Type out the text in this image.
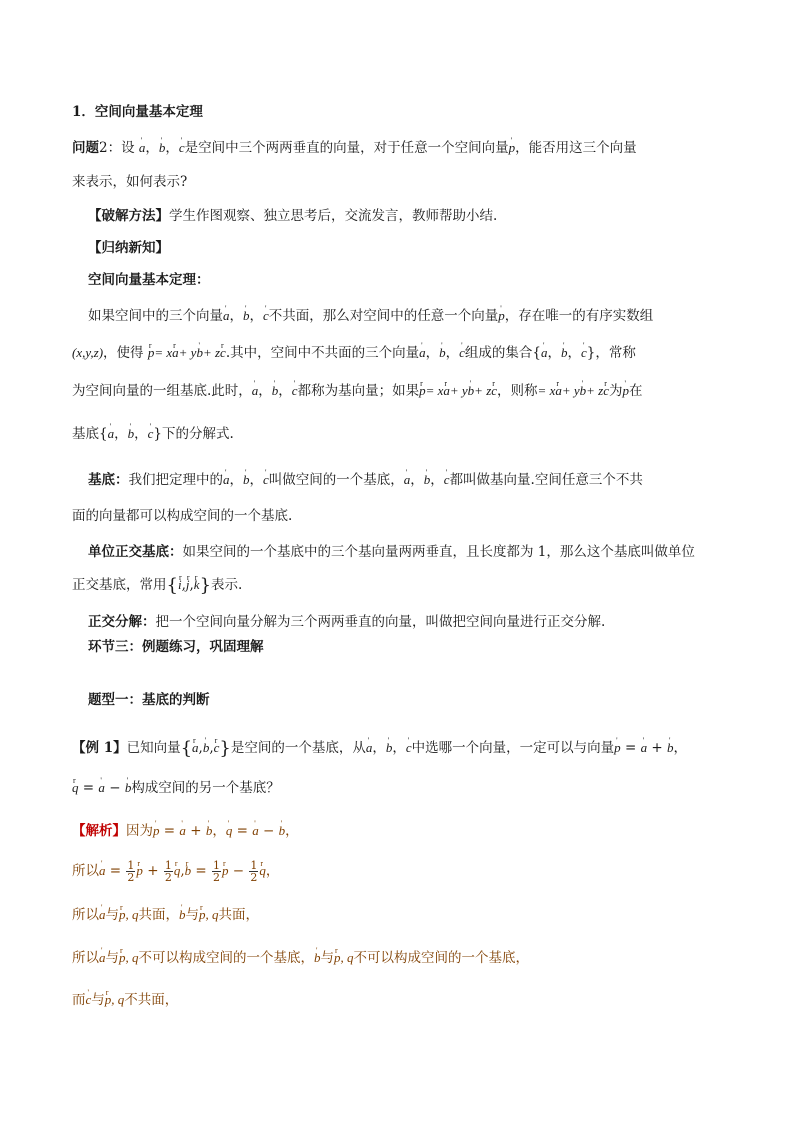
1．空间向量基本定理
问题2：设 ' a，' b，' c是空间中三个两两垂直的向量，对于任意一个空间向量' p，能否用这三个向量
来表示，如何表示?
【破解方法】学生作图观察、独立思考后，交流发言，教师帮助小结.
【归纳新知】
空间向量基本定理：
如果空间中的三个向量' a，' b，' c不共面，那么对空间中的任意一个向量' p，存在唯一的有序实数组
(x,y,z)，使得 r p= xr a+ y' b+ zr c.其中，空间中不共面的三个向量' a，' b，' c组成的集合{' a，' b，' c}，常称
为空间向量的一组基底.此时，' a，' b，' c都称为基向量；如果r p= xr a+ y' b+ zr c，则称= xr a+ y' b+ zr c为' p在
基底{' a，' b，' c}下的分解式.
基底：我们把定理中的' a，' b，' c叫做空间的一个基底，' a，' b，' c都叫做基向量.空间任意三个不共
面的向量都可以构成空间的一个基底.
单位正交基底：如果空间的一个基底中的三个基向量两两垂直，且长度都为 1，那么这个基底叫做单位
正交基底，常用{r i,r j,r k}表示.
正交分解：把一个空间向量分解为三个两两垂直的向量，叫做把空间向量进行正交分解.
环节三：例题练习，巩固理解
题型一：基底的判断
【例 1】已知向量{r a,' b,r c}是空间的一个基底，从' a，' b，' c中选哪一个向量，一定可以与向量' p = ' a + ' b，
r q = ' a − ' b构成空间的另一个基底？
【解析】因为' p = ' a + ' b，' q = ' a − ' b，
所以' $a = \frac{1}{2}$ r $p + \frac{1}{2}$ r q,r $b = \frac{1}{2}$ r $p - \frac{1}{2}$ r q，
所以' a与r p, q共面，' b与r p, q共面，
所以' a与r p, q不可以构成空间的一个基底，' b与r p, q不可以构成空间的一个基底，
而' c与r p, q不共面，
